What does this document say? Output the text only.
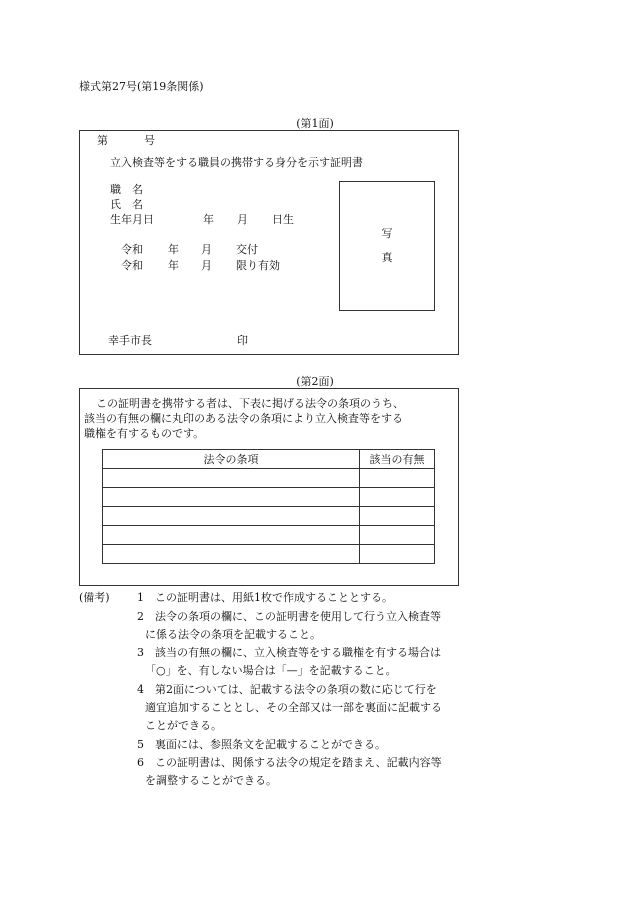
様式第27号(第19条関係)
(第1面)
第	号
立入検査等をする職員の携帯する身分を示す証明書
職　名
氏　名
生年月日	年 月 日生
令和 年 月 交付
令和 年 月 限り有効
写
真
幸手市長	印
(第2面)
この証明書を携帯する者は、下表に掲げる法令の条項のうち、
該当の有無の欄に丸印のある法令の条項により立入検査等をする
職権を有するものです。
法令の条項	該当の有無

(備考) 1　この証明書は、用紙1枚で作成することとする。
2　法令の条項の欄に、この証明書を使用して行う立入検査等
に係る法令の条項を記載すること。
3　該当の有無の欄に、立入検査等をする職権を有する場合は
「○」を、有しない場合は「—」を記載すること。
4　第2面については、記載する法令の条項の数に応じて行を
適宜追加することとし、その全部又は一部を裏面に記載する
ことができる。
5　裏面には、参照条文を記載することができる。
6　この証明書は、関係する法令の規定を踏まえ、記載内容等
を調整することができる。
